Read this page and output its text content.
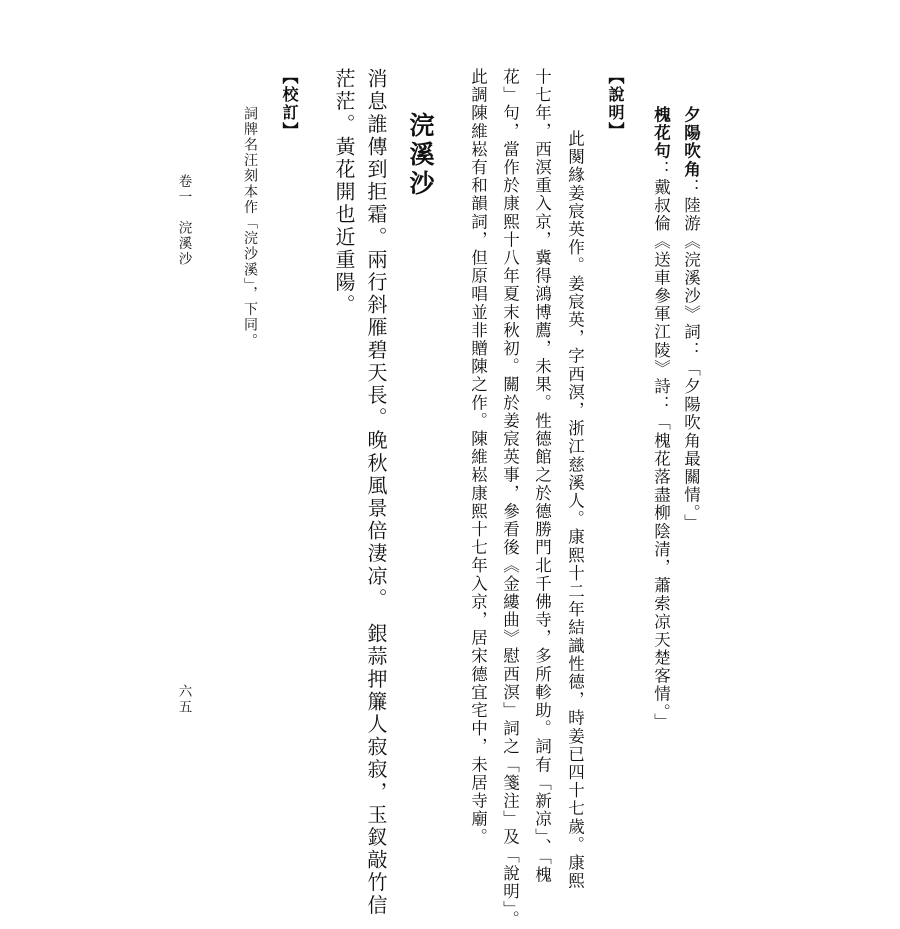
夕陽吹角：陸游《浣溪沙》詞：「夕陽吹角最關情。」
槐花句：戴叔倫《送車參軍江陵》詩：「槐花落盡柳陰清，蕭索凉天楚客情。」
【說明】
此闋緣姜宸英作。姜宸英，字西溟，浙江慈溪人。康熙十二年結識性德，時姜已四十七歲。康熙
十七年，西溟重入京，冀得鴻博薦，未果。性德館之於德勝門北千佛寺，多所軫助。詞有「新凉」、「槐
花」句，當作於康熙十八年夏末秋初。關於姜宸英事，參看後《金縷曲》慰西溟」詞之「箋注」及「說明」。
此調陳維崧有和韻詞，但原唱並非贈陳之作。陳維崧康熙十七年入京，居宋德宜宅中，未居寺廟。
浣溪沙
消息誰傳到拒霜。兩行斜雁碧天長。晚秋風景倍淒凉。　銀蒜押簾人寂寂，玉釵敲竹信
茫茫。黃花開也近重陽。
【校訂】
詞牌名汪刻本作「浣沙溪」，下同。
卷一　浣溪沙
六五
